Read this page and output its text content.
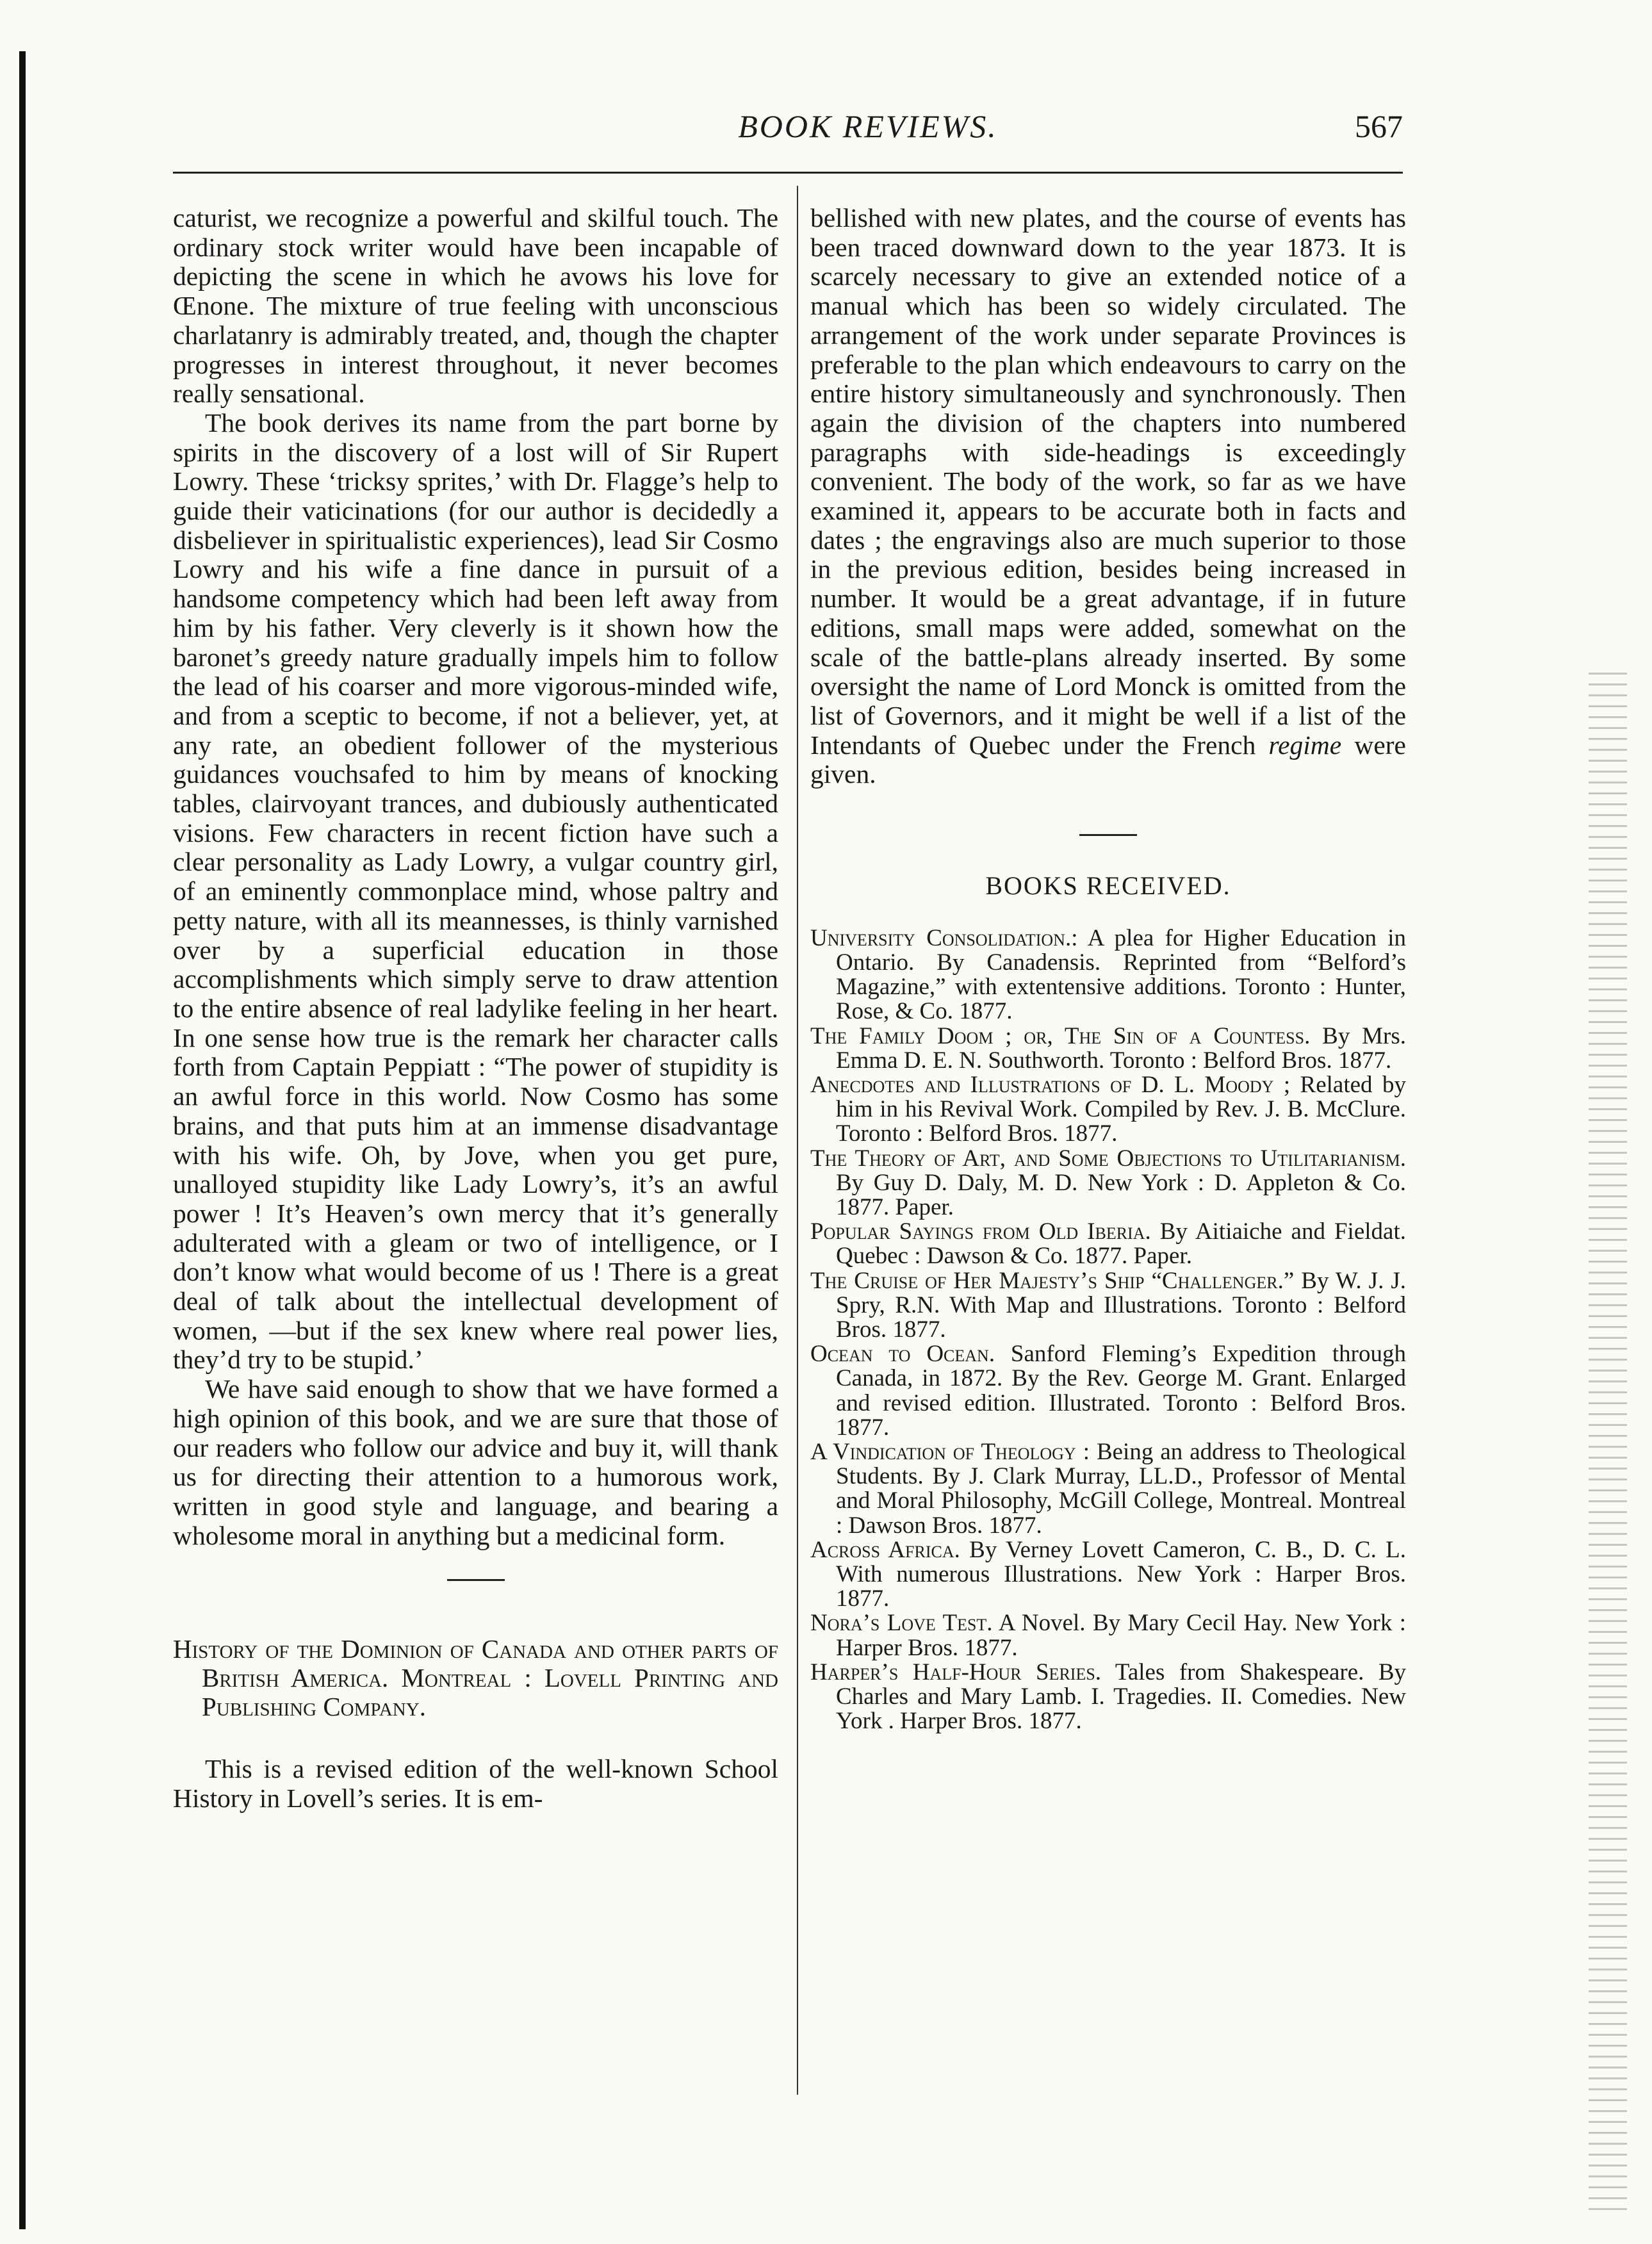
BOOK REVIEWS.	567

caturist, we recognize a powerful and skilful touch. The ordinary stock writer would have been incapable of depicting the scene in which he avows his love for Œnone. The mixture of true feeling with unconscious charlatanry is admirably treated, and, though the chapter progresses in interest throughout, it never becomes really sensational.

The book derives its name from the part borne by spirits in the discovery of a lost will of Sir Rupert Lowry. These ‘tricksy sprites,’ with Dr. Flagge’s help to guide their vaticinations (for our author is decidedly a disbeliever in spiritualistic experiences), lead Sir Cosmo Lowry and his wife a fine dance in pursuit of a handsome competency which had been left away from him by his father. Very cleverly is it shown how the baronet’s greedy nature gradually impels him to follow the lead of his coarser and more vigorous-minded wife, and from a sceptic to become, if not a believer, yet, at any rate, an obedient follower of the mysterious guidances vouchsafed to him by means of knocking tables, clairvoyant trances, and dubiously authenticated visions. Few characters in recent fiction have such a clear personality as Lady Lowry, a vulgar country girl, of an eminently commonplace mind, whose paltry and petty nature, with all its meannesses, is thinly varnished over by a superficial education in those accomplishments which simply serve to draw attention to the entire absence of real ladylike feeling in her heart. In one sense how true is the remark her character calls forth from Captain Peppiatt : “The power of stupidity is an awful force in this world. Now Cosmo has some brains, and that puts him at an immense disadvantage with his wife. Oh, by Jove, when you get pure, unalloyed stupidity like Lady Lowry’s, it’s an awful power ! It’s Heaven’s own mercy that it’s generally adulterated with a gleam or two of intelligence, or I don’t know what would become of us ! There is a great deal of talk about the intellectual development of women, —but if the sex knew where real power lies, they’d try to be stupid.’

We have said enough to show that we have formed a high opinion of this book, and we are sure that those of our readers who follow our advice and buy it, will thank us for directing their attention to a humorous work, written in good style and language, and bearing a wholesome moral in anything but a medicinal form.

History of the Dominion of Canada and other parts of British America. Montreal : Lovell Printing and Publishing Company.

This is a revised edition of the well-known School History in Lovell’s series. It is em-

bellished with new plates, and the course of events has been traced downward down to the year 1873. It is scarcely necessary to give an extended notice of a manual which has been so widely circulated. The arrangement of the work under separate Provinces is preferable to the plan which endeavours to carry on the entire history simultaneously and synchronously. Then again the division of the chapters into numbered paragraphs with side-headings is exceedingly convenient. The body of the work, so far as we have examined it, appears to be accurate both in facts and dates ; the engravings also are much superior to those in the previous edition, besides being increased in number. It would be a great advantage, if in future editions, small maps were added, somewhat on the scale of the battle-plans already inserted. By some oversight the name of Lord Monck is omitted from the list of Governors, and it might be well if a list of the Intendants of Quebec under the French regime were given.

BOOKS RECEIVED.

University Consolidation.: A plea for Higher Education in Ontario. By Canadensis. Reprinted from “Belford’s Magazine,” with extentensive additions. Toronto : Hunter, Rose, & Co. 1877.

The Family Doom ; or, The Sin of a Countess. By Mrs. Emma D. E. N. Southworth. Toronto : Belford Bros. 1877.

Anecdotes and Illustrations of D. L. Moody ; Related by him in his Revival Work. Compiled by Rev. J. B. McClure. Toronto : Belford Bros. 1877.

The Theory of Art, and Some Objections to Utilitarianism. By Guy D. Daly, M. D. New York : D. Appleton & Co. 1877. Paper.

Popular Sayings from Old Iberia. By Aitiaiche and Fieldat. Quebec : Dawson & Co. 1877. Paper.

The Cruise of Her Majesty’s Ship “Challenger.” By W. J. J. Spry, R.N. With Map and Illustrations. Toronto : Belford Bros. 1877.

Ocean to Ocean. Sanford Fleming’s Expedition through Canada, in 1872. By the Rev. George M. Grant. Enlarged and revised edition. Illustrated. Toronto : Belford Bros. 1877.

A Vindication of Theology : Being an address to Theological Students. By J. Clark Murray, LL.D., Professor of Mental and Moral Philosophy, McGill College, Montreal. Montreal : Dawson Bros. 1877.

Across Africa. By Verney Lovett Cameron, C. B., D. C. L. With numerous Illustrations. New York : Harper Bros. 1877.

Nora’s Love Test. A Novel. By Mary Cecil Hay. New York : Harper Bros. 1877.

Harper’s Half-Hour Series. Tales from Shakespeare. By Charles and Mary Lamb. I. Tragedies. II. Comedies. New York . Harper Bros. 1877.
